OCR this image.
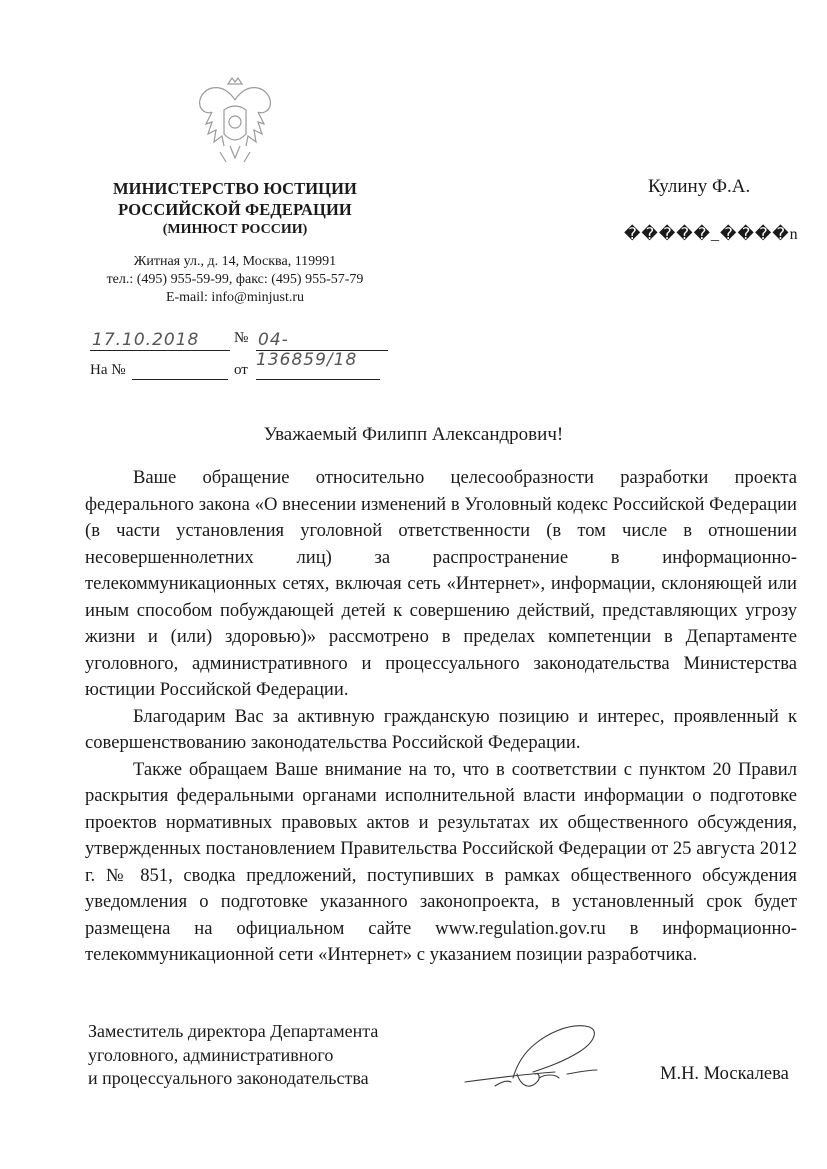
МИНИСТЕРСТВО ЮСТИЦИИ
РОССИЙСКОЙ ФЕДЕРАЦИИ
(МИНЮСТ РОССИИ)
Житная ул., д. 14, Москва, 119991
тел.: (495) 955-59-99, факс: (495) 955-57-79
E-mail: info@minjust.ru
17.10.2018	№ 04-136859/18
На №	от
Кулину Ф.А.
�����_����n
Уважаемый Филипп Александрович!

Ваше обращение относительно целесообразности разработки проекта федерального закона «О внесении изменений в Уголовный кодекс Российской Федерации (в части установления уголовной ответственности (в том числе в отношении несовершеннолетних лиц) за распространение в информационно-телекоммуникационных сетях, включая сеть «Интернет», информации, склоняющей или иным способом побуждающей детей к совершению действий, представляющих угрозу жизни и (или) здоровью)» рассмотрено в пределах компетенции в Департаменте уголовного, административного и процессуального законодательства Министерства юстиции Российской Федерации.

Благодарим Вас за активную гражданскую позицию и интерес, проявленный к совершенствованию законодательства Российской Федерации.

Также обращаем Ваше внимание на то, что в соответствии с пунктом 20 Правил раскрытия федеральными органами исполнительной власти информации о подготовке проектов нормативных правовых актов и результатах их общественного обсуждения, утвержденных постановлением Правительства Российской Федерации от 25 августа 2012 г. № 851, сводка предложений, поступивших в рамках общественного обсуждения уведомления о подготовке указанного законопроекта, в установленный срок будет размещена на официальном сайте www.regulation.gov.ru в информационно-телекоммуникационной сети «Интернет» с указанием позиции разработчика.

Заместитель директора Департамента
уголовного, административного
и процессуального законодательства	М.Н. Москалева
